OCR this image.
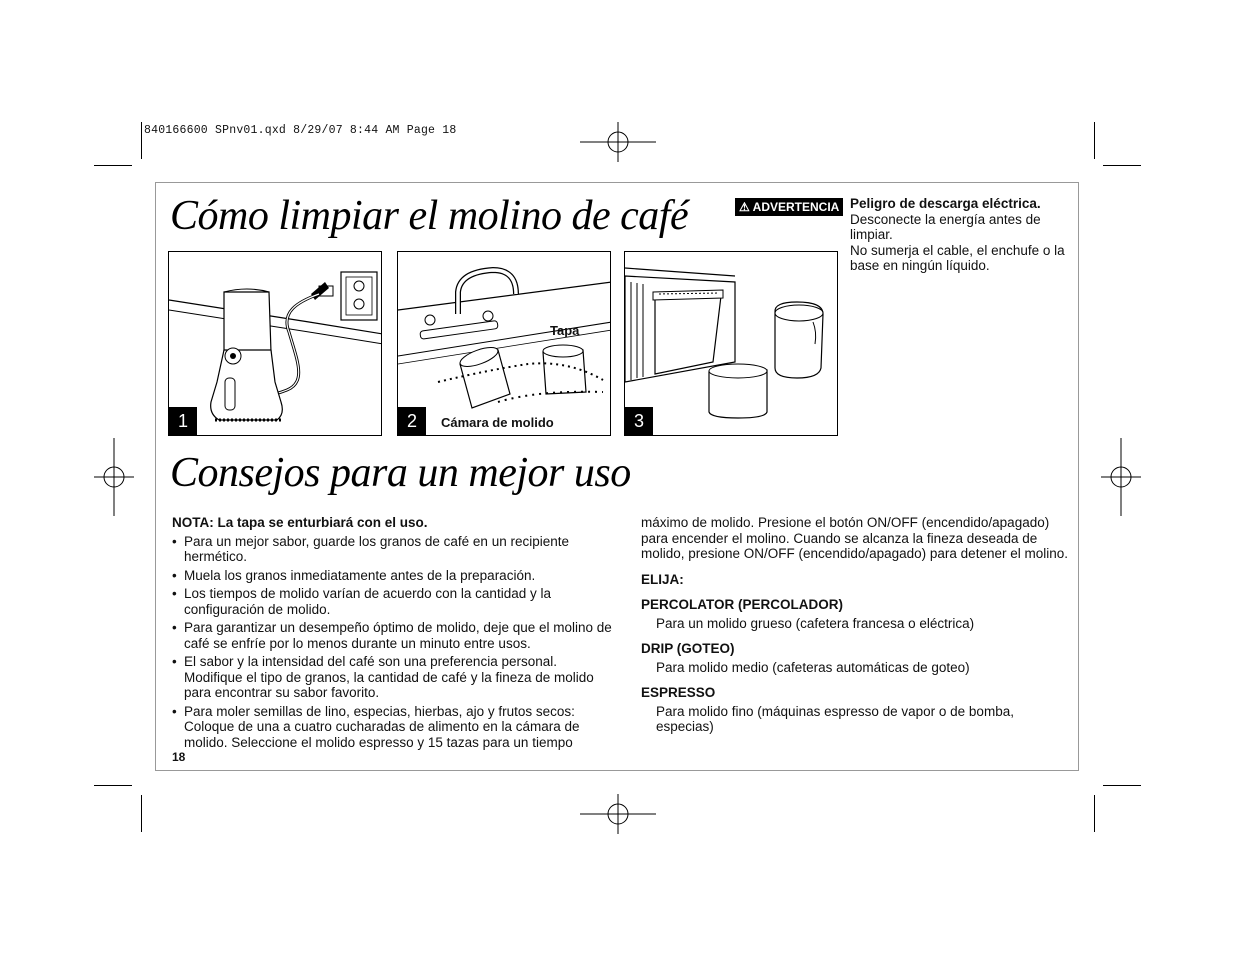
840166600 SPnv01.qxd 8/29/07 8:44 AM Page 18
Cómo limpiar el molino de café	⚠ ADVERTENCIA Peligro de descarga eléctrica.
Desconecte la energía antes de limpiar.
No sumerja el cable, el enchufe o la base en ningún líquido.
1
Tapa
Cámara de molido
2	3
Consejos para un mejor uso
NOTA: La tapa se enturbiará con el uso.
• Para un mejor sabor, guarde los granos de café en un recipiente hermético.
• Muela los granos inmediatamente antes de la preparación.
• Los tiempos de molido varían de acuerdo con la cantidad y la configuración de molido.
• Para garantizar un desempeño óptimo de molido, deje que el molino de café se enfríe por lo menos durante un minuto entre usos.
• El sabor y la intensidad del café son una preferencia personal. Modifique el tipo de granos, la cantidad de café y la fineza de molido para encontrar su sabor favorito.
• Para moler semillas de lino, especias, hierbas, ajo y frutos secos: Coloque de una a cuatro cucharadas de alimento en la cámara de molido. Seleccione el molido espresso y 15 tazas para un tiempo
máximo de molido. Presione el botón ON/OFF (encendido/apagado) para encender el molino. Cuando se alcanza la fineza deseada de molido, presione ON/OFF (encendido/apagado) para detener el molino.
ELIJA:
PERCOLATOR (PERCOLADOR)
Para un molido grueso (cafetera francesa o eléctrica)
DRIP (GOTEO)
Para molido medio (cafeteras automáticas de goteo)
ESPRESSO
Para molido fino (máquinas espresso de vapor o de bomba, especias)
18
